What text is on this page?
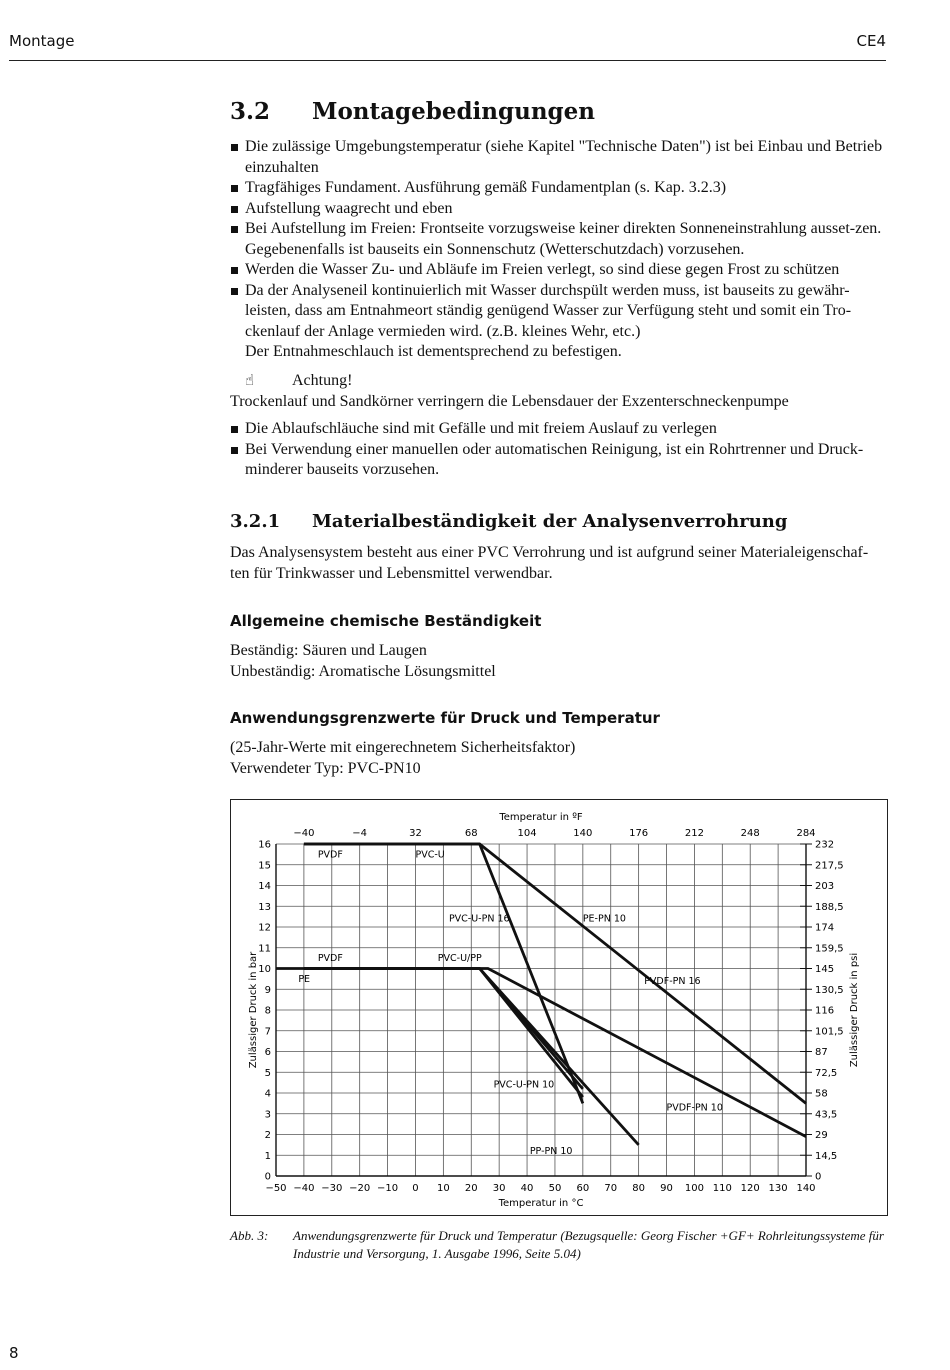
Montage	CE4
3.2 Montagebedingungen
Die zulässige Umgebungstemperatur (siehe Kapitel "Technische Daten") ist bei Einbau und Betrieb einzuhalten
Tragfähiges Fundament. Ausführung gemäß Fundamentplan (s. Kap. 3.2.3)
Aufstellung waagrecht und eben
Bei Aufstellung im Freien: Frontseite vorzugsweise keiner direkten Sonneneinstrahlung ausset-zen. Gegebenenfalls ist bauseits ein Sonnenschutz (Wetterschutzdach) vorzusehen.
Werden die Wasser Zu- und Abläufe im Freien verlegt, so sind diese gegen Frost zu schützen
Da der Analyseneil kontinuierlich mit Wasser durchspült werden muss, ist bauseits zu gewähr-leisten, dass am Entnahmeort ständig genügend Wasser zur Verfügung steht und somit ein Tro-ckenlauf der Anlage vermieden wird. (z.B. kleines Wehr, etc.)
Der Entnahmeschlauch ist dementsprechend zu befestigen.
☝ Achtung!
Trockenlauf und Sandkörner verringern die Lebensdauer der Exzenterschneckenpumpe
Die Ablaufschläuche sind mit Gefälle und mit freiem Auslauf zu verlegen
Bei Verwendung einer manuellen oder automatischen Reinigung, ist ein Rohrtrenner und Druck-minderer bauseits vorzusehen.
3.2.1 Materialbeständigkeit der Analysenverrohrung
Das Analysensystem besteht aus einer PVC Verrohrung und ist aufgrund seiner Materialeigenschaf-ten für Trinkwasser und Lebensmittel verwendbar.
Allgemeine chemische Beständigkeit
Beständig: Säuren und Laugen
Unbeständig: Aromatische Lösungsmittel
Anwendungsgrenzwerte für Druck und Temperatur
(25-Jahr-Werte mit eingerechnetem Sicherheitsfaktor)
Verwendeter Typ: PVC-PN10
−50 −40 −30 −20 −10 0 10 20 30 40 50 60 70 80 90 100 110 120 130 140
−40	−4	32	68	104	140	176	212	248	284
0
1
2
3
4
5
6
7
8
9
10
11
12
13
14
15
16
0
14,5
29
43,5
58
72,5
87
101,5
116
130,5
145
159,5
174
188,5
203
217,5
232
Temperatur in °C
Temperatur in ºF
Zulässiger Druck in bar	Zulässiger Druck in psi
PVDF	PVC-U
PVC-U-PN 16	PE-PN 10
PVDF
PE
PVC-U/PP
PVDF-PN 16
PVC-U-PN 10
PVDF-PN 10
PP-PN 10
Abb. 3: Anwendungsgrenzwerte für Druck und Temperatur (Bezugsquelle: Georg Fischer +GF+ Rohrleitungssysteme für Industrie und Versorgung, 1. Ausgabe 1996, Seite 5.04)
8
